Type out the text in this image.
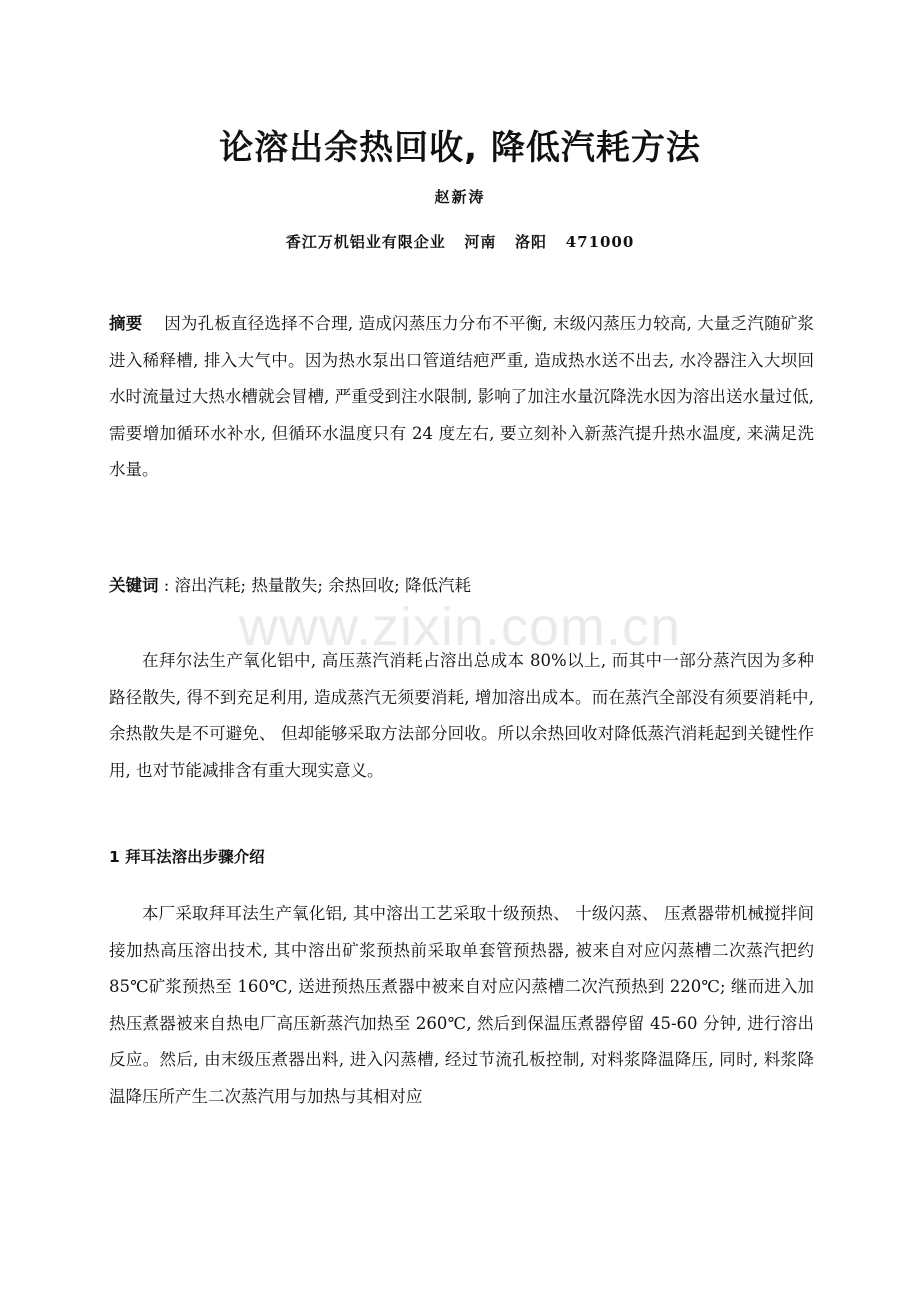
论溶出余热回收, 降低汽耗方法
赵新涛
香江万机铝业有限企业   河南   洛阳   471000

摘要 因为孔板直径选择不合理, 造成闪蒸压力分布不平衡, 末级闪蒸压力较高, 大量乏汽随矿浆进入稀释槽, 排入大气中。因为热水泵出口管道结疤严重, 造成热水送不出去, 水冷器注入大坝回水时流量过大热水槽就会冒槽, 严重受到注水限制, 影响了加注水量沉降洗水因为溶出送水量过低, 需要增加循环水补水, 但循环水温度只有 24 度左右, 要立刻补入新蒸汽提升热水温度, 来满足洗水量。

关键词 : 溶出汽耗; 热量散失; 余热回收; 降低汽耗

www.zixin.com.cn

在拜尔法生产氧化铝中, 高压蒸汽消耗占溶出总成本 80%以上, 而其中一部分蒸汽因为多种路径散失, 得不到充足利用, 造成蒸汽无须要消耗, 增加溶出成本。而在蒸汽全部没有须要消耗中, 余热散失是不可避免、 但却能够采取方法部分回收。所以余热回收对降低蒸汽消耗起到关键性作用, 也对节能减排含有重大现实意义。

1 拜耳法溶出步骤介绍

本厂采取拜耳法生产氧化铝, 其中溶出工艺采取十级预热、 十级闪蒸、 压煮器带机械搅拌间接加热高压溶出技术, 其中溶出矿浆预热前采取单套管预热器, 被来自对应闪蒸槽二次蒸汽把约 85℃矿浆预热至 160℃, 送进预热压煮器中被来自对应闪蒸槽二次汽预热到 220℃; 继而进入加热压煮器被来自热电厂高压新蒸汽加热至 260℃, 然后到保温压煮器停留 45-60 分钟, 进行溶出反应。然后, 由末级压煮器出料, 进入闪蒸槽, 经过节流孔板控制, 对料浆降温降压, 同时, 料浆降温降压所产生二次蒸汽用与加热与其相对应
